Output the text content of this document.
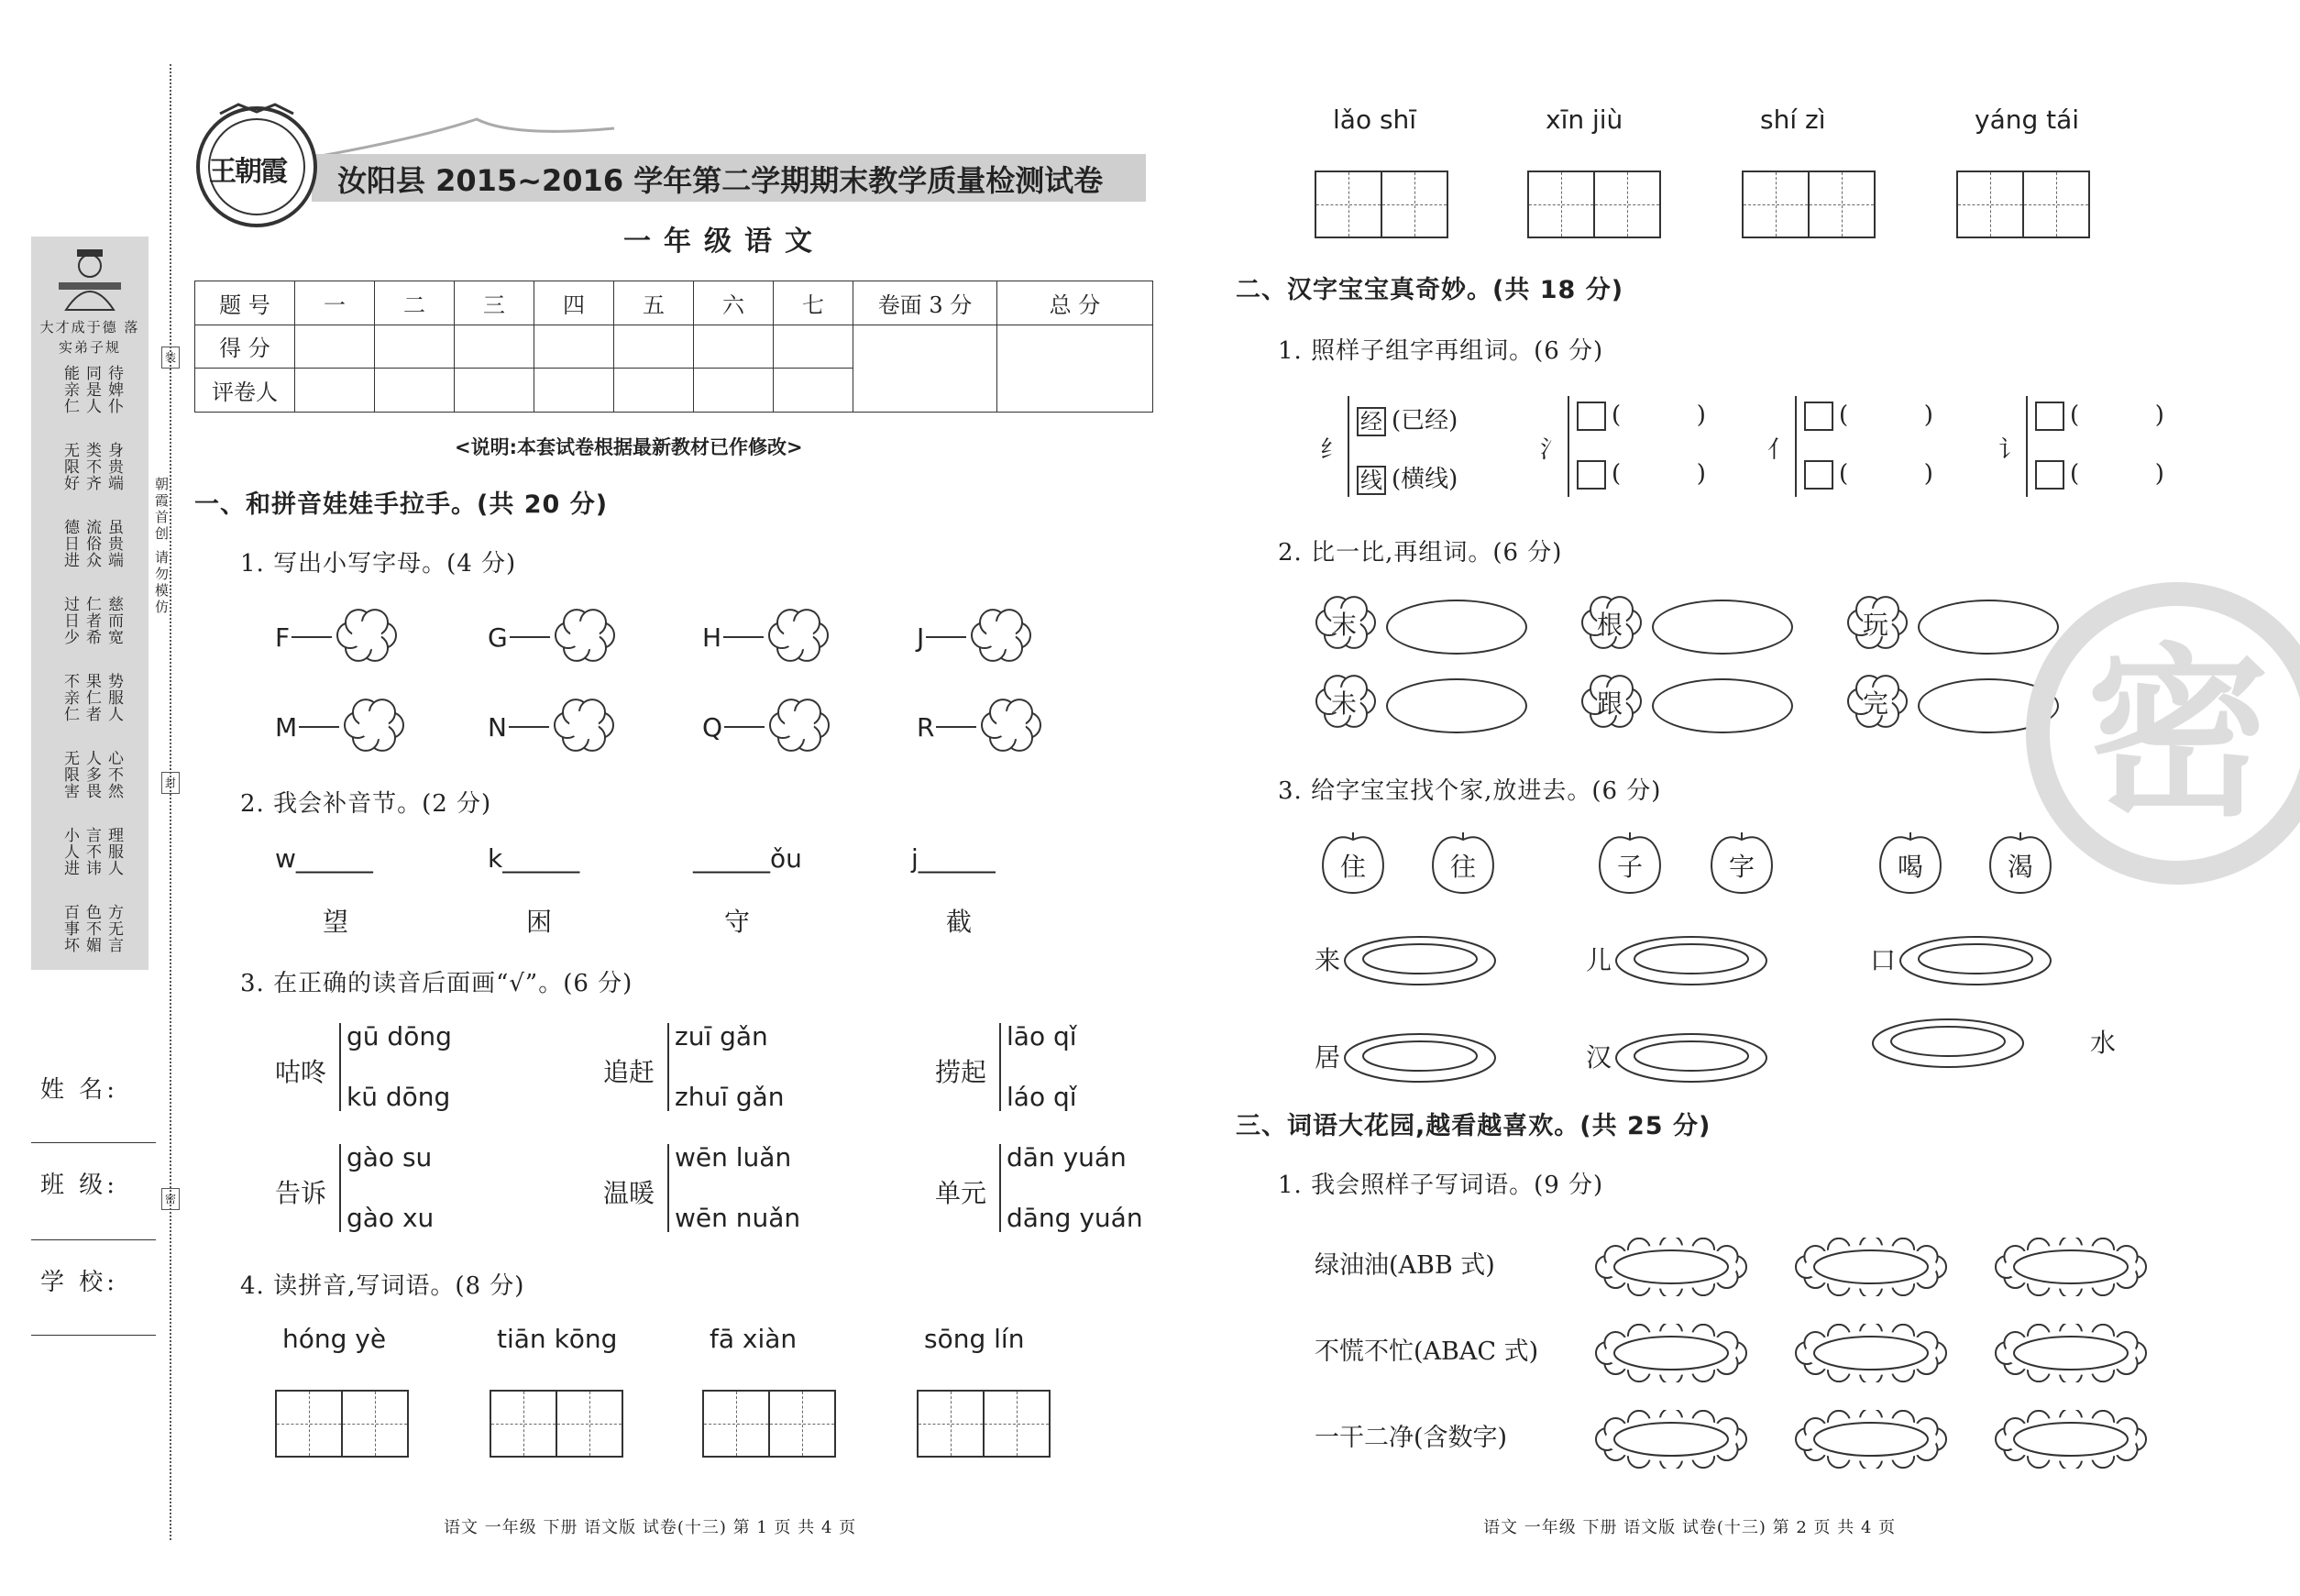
大才成于德 落实弟子规
能亲仁 同是人 待婢仆
无限好 类不齐 身贵端
德日进 流俗众 虽贵端
过日少 仁者希 慈而宽
不亲仁 果仁者 势服人
无限害 人多畏 心不然
小人进 言不讳 理服人
百事坏 色不媚 方无言
姓 名:
班 级:
学 校:
装
朝霞首创 请勿模仿
封
密
王朝霞 汝阳县 2015~2016 学年第二学期期末教学质量检测试卷
一年级语文
题 号	一	二	三	四	五	六	七	卷面 3 分	总 分
得 分									
评卷人									
<说明:本套试卷根据最新教材已作修改>
一、和拼音娃娃手拉手。(共 20 分)
1. 写出小写字母。(4 分)
F	G	H	J
M	N	Q	R
2. 我会补音节。(2 分)
w______
望
k______
困
______ǒu
守
j______
截
3. 在正确的读音后面画“√”。(6 分)
咕咚
gū dōng
kū dōng
追赶
zuī gǎn
zhuī gǎn
捞起
lāo qǐ
láo qǐ
告诉
gào su
gào xu
温暖
wēn luǎn
wēn nuǎn
单元
dān yuán
dāng yuán
4. 读拼音,写词语。(8 分)
hóng yè	tiān kōng	fā xiàn	sōng lín
语文 一年级 下册 语文版 试卷(十三) 第 1 页 共 4 页
lǎo shī	xīn jiù	shí zì	yáng tái
二、汉字宝宝真奇妙。(共 18 分)
1. 照样子组字再组词。(6 分)
纟
经 (已经)
线 (横线)
氵
(          )
(          )
亻
(          )
(          )
讠
(          )
(          )
2. 比一比,再组词。(6 分)
末	根	玩
未	跟	完
3. 给字宝宝找个家,放进去。(6 分)
住	往	子	字	喝	渴
来	儿	口
居	汉	水
三、词语大花园,越看越喜欢。(共 25 分)
1. 我会照样子写词语。(9 分)
绿油油(ABB 式)
不慌不忙(ABAC 式)
一干二净(含数字)
语文 一年级 下册 语文版 试卷(十三) 第 2 页 共 4 页
密
